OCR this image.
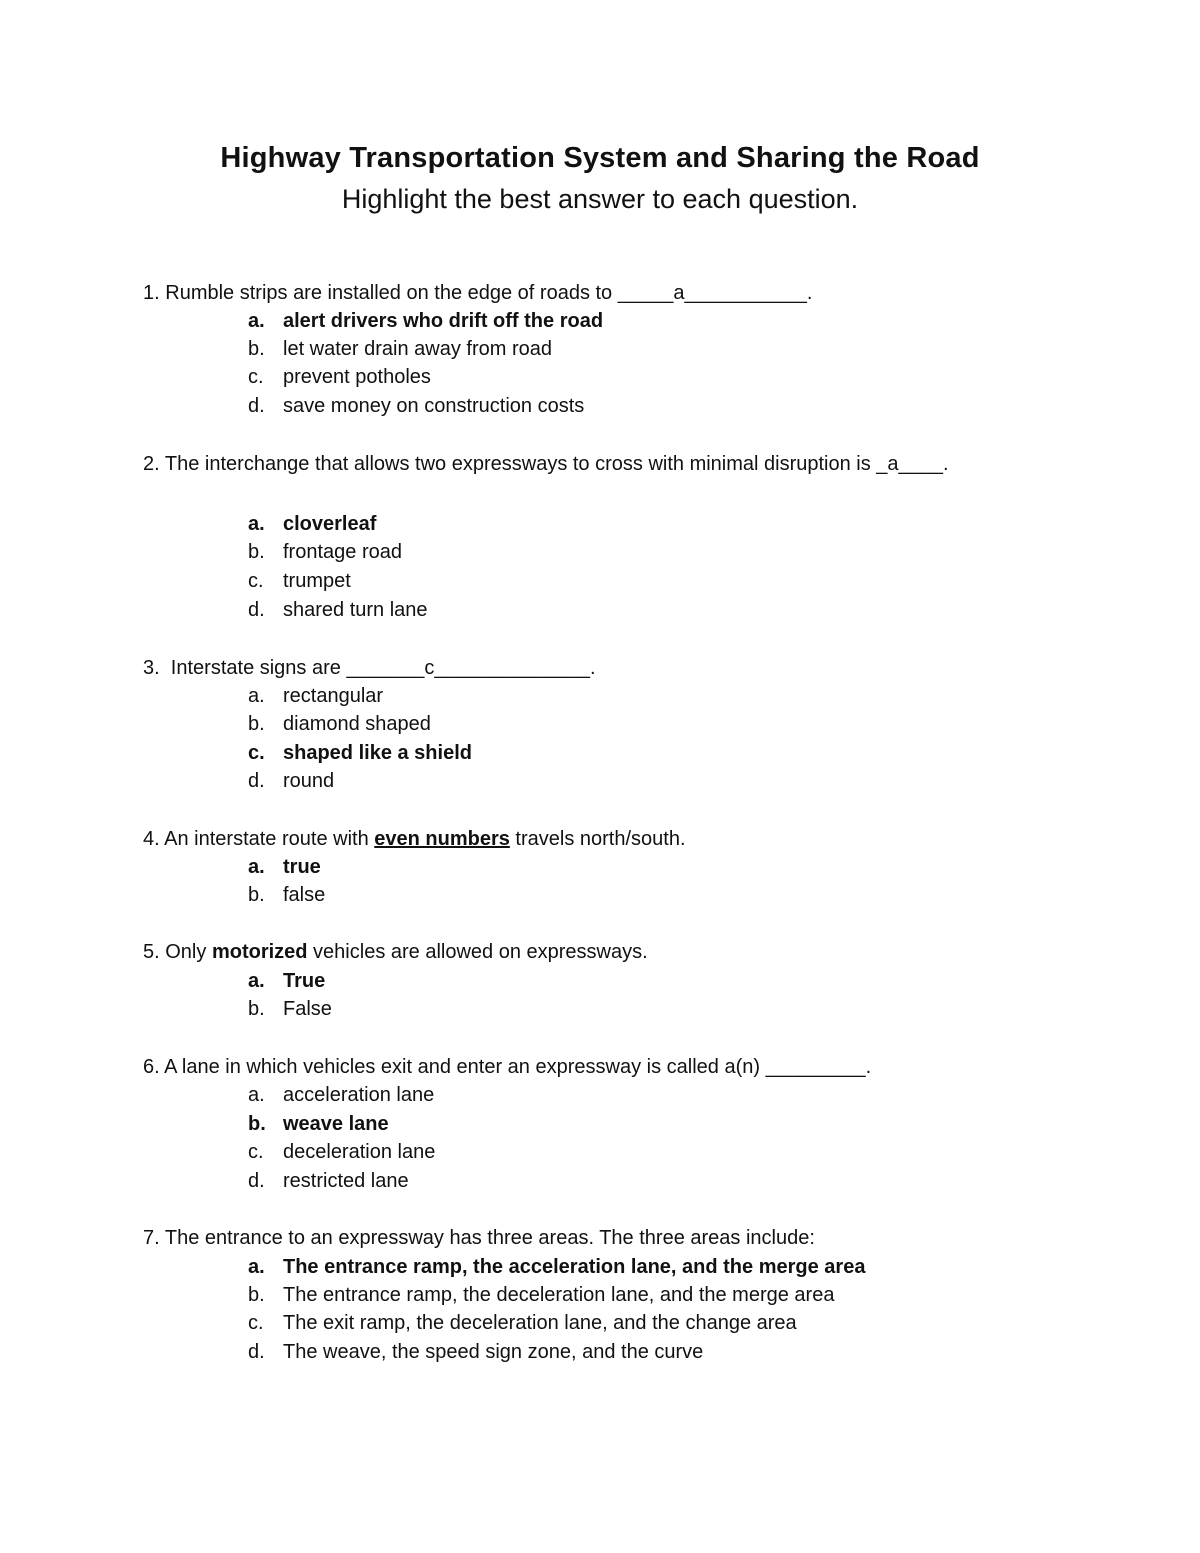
Highway Transportation System and Sharing the Road
Highlight the best answer to each question.
1. Rumble strips are installed on the edge of roads to _____a___________.
a. alert drivers who drift off the road
b. let water drain away from road
c. prevent potholes
d. save money on construction costs
2. The interchange that allows two expressways to cross with minimal disruption is _a____.
a. cloverleaf
b. frontage road
c. trumpet
d. shared turn lane
3.  Interstate signs are _______c______________.
a. rectangular
b. diamond shaped
c. shaped like a shield
d. round
4. An interstate route with even numbers travels north/south.
a. true
b. false
5. Only motorized vehicles are allowed on expressways.
a. True
b. False
6. A lane in which vehicles exit and enter an expressway is called a(n) _________.
a. acceleration lane
b. weave lane
c. deceleration lane
d. restricted lane
7. The entrance to an expressway has three areas. The three areas include:
a. The entrance ramp, the acceleration lane, and the merge area
b. The entrance ramp, the deceleration lane, and the merge area
c. The exit ramp, the deceleration lane, and the change area
d. The weave, the speed sign zone, and the curve
